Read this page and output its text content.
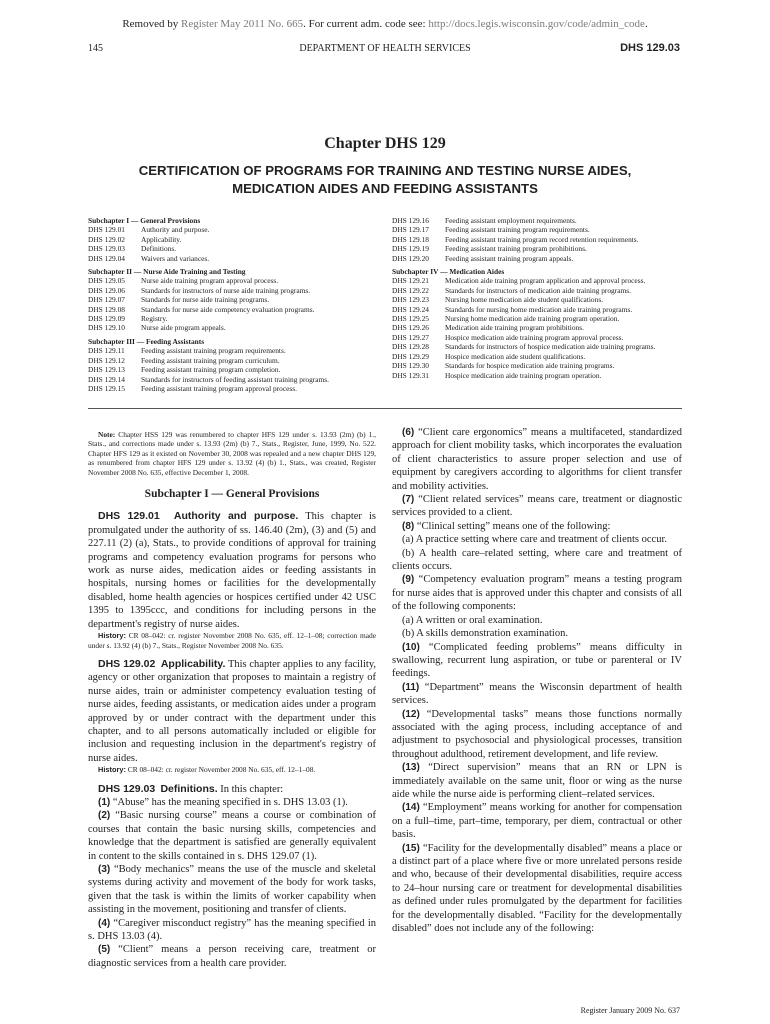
Removed by Register May 2011 No. 665. For current adm. code see: http://docs.legis.wisconsin.gov/code/admin_code.
145	DEPARTMENT OF HEALTH SERVICES	DHS 129.03
Chapter DHS 129
CERTIFICATION OF PROGRAMS FOR TRAINING AND TESTING NURSE AIDES,
MEDICATION AIDES AND FEEDING ASSISTANTS
Subchapter I — General Provisions
DHS 129.01	Authority and purpose.
DHS 129.02	Applicability.
DHS 129.03	Definitions.
DHS 129.04	Waivers and variances.
Subchapter II — Nurse Aide Training and Testing
DHS 129.05	Nurse aide training program approval process.
DHS 129.06	Standards for instructors of nurse aide training programs.
DHS 129.07	Standards for nurse aide training programs.
DHS 129.08	Standards for nurse aide competency evaluation programs.
DHS 129.09	Registry.
DHS 129.10	Nurse aide program appeals.
Subchapter III — Feeding Assistants
DHS 129.11	Feeding assistant training program requirements.
DHS 129.12	Feeding assistant training program curriculum.
DHS 129.13	Feeding assistant training program completion.
DHS 129.14	Standards for instructors of feeding assistant training programs.
DHS 129.15	Feeding assistant training program approval process.
DHS 129.16	Feeding assistant employment requirements.
DHS 129.17	Feeding assistant training program requirements.
DHS 129.18	Feeding assistant training program record retention requirements.
DHS 129.19	Feeding assistant training program prohibitions.
DHS 129.20	Feeding assistant training program appeals.
Subchapter IV — Medication Aides
DHS 129.21	Medication aide training program application and approval process.
DHS 129.22	Standards for instructors of medication aide training programs.
DHS 129.23	Nursing home medication aide student qualifications.
DHS 129.24	Standards for nursing home medication aide training programs.
DHS 129.25	Nursing home medication aide training program operation.
DHS 129.26	Medication aide training program prohibitions.
DHS 129.27	Hospice medication aide training program approval process.
DHS 129.28	Standards for instructors of hospice medication aide training programs.
DHS 129.29	Hospice medication aide student qualifications.
DHS 129.30	Standards for hospice medication aide training programs.
DHS 129.31	Hospice medication aide training program operation.

Note: Chapter HSS 129 was renumbered to chapter HFS 129 under s. 13.93 (2m) (b) 1., Stats., and corrections made under s. 13.93 (2m) (b) 7., Stats., Register, June, 1999, No. 522. Chapter HFS 129 as it existed on November 30, 2008 was repealed and a new chapter DHS 129, as renumbered from chapter HFS 129 under s. 13.92 (4) (b) 1., Stats., was created, Register November 2008 No. 635, effective December 1, 2008.

Subchapter I — General Provisions

DHS 129.01 Authority and purpose. This chapter is promulgated under the authority of ss. 146.40 (2m), (3) and (5) and 227.11 (2) (a), Stats., to provide conditions of approval for training programs and competency evaluation programs for persons who work as nurse aides, medication aides or feeding assistants in hospitals, nursing homes or facilities for the developmentally disabled, home health agencies or hospices certified under 42 USC 1395 to 1395ccc, and conditions for including persons in the department's registry of nurse aides.

History: CR 08–042: cr. register November 2008 No. 635, eff. 12–1–08; correction made under s. 13.92 (4) (b) 7., Stats., Register November 2008 No. 635.

DHS 129.02 Applicability. This chapter applies to any facility, agency or other organization that proposes to maintain a registry of nurse aides, train or administer competency evaluation testing of nurse aides, feeding assistants, or medication aides under a program approved by or under contract with the department under this chapter, and to all persons automatically included or eligible for inclusion and requesting inclusion in the department's registry of nurse aides.

History: CR 08–042: cr. register November 2008 No. 635, eff. 12–1–08.

DHS 129.03 Definitions. In this chapter:

(1) “Abuse” has the meaning specified in s. DHS 13.03 (1).

(2) “Basic nursing course” means a course or combination of courses that contain the basic nursing skills, competencies and knowledge that the department is satisfied are generally equivalent in content to the skills contained in s. DHS 129.07 (1).

(3) “Body mechanics” means the use of the muscle and skeletal systems during activity and movement of the body for work tasks, given that the task is within the limits of worker capability when assisting in the movement, positioning and transfer of clients.

(4) “Caregiver misconduct registry” has the meaning specified in s. DHS 13.03 (4).

(5) “Client” means a person receiving care, treatment or diagnostic services from a health care provider.

(6) “Client care ergonomics” means a multifaceted, standardized approach for client mobility tasks, which incorporates the evaluation of client characteristics to assure proper selection and use of equipment by caregivers according to algorithms for client transfer and mobility activities.

(7) “Client related services” means care, treatment or diagnostic services provided to a client.

(8) “Clinical setting” means one of the following:

(a) A practice setting where care and treatment of clients occur.

(b) A health care–related setting, where care and treatment of clients occurs.

(9) “Competency evaluation program” means a testing program for nurse aides that is approved under this chapter and consists of all of the following components:

(a) A written or oral examination.

(b) A skills demonstration examination.

(10) “Complicated feeding problems” means difficulty in swallowing, recurrent lung aspiration, or tube or parenteral or IV feedings.

(11) “Department” means the Wisconsin department of health services.

(12) “Developmental tasks” means those functions normally associated with the aging process, including acceptance of and adjustment to psychosocial and physiological processes, transition throughout adulthood, retirement development, and life review.

(13) “Direct supervision” means that an RN or LPN is immediately available on the same unit, floor or wing as the nurse aide while the nurse aide is performing client–related services.

(14) “Employment” means working for another for compensation on a full–time, part–time, temporary, per diem, contractual or other basis.

(15) “Facility for the developmentally disabled” means a place or a distinct part of a place where five or more unrelated persons reside and who, because of their developmental disabilities, require access to 24–hour nursing care or treatment for developmental disabilities as defined under rules promulgated by the department for facilities for the developmentally disabled. “Facility for the developmentally disabled” does not include any of the following:

Register January 2009 No. 637
